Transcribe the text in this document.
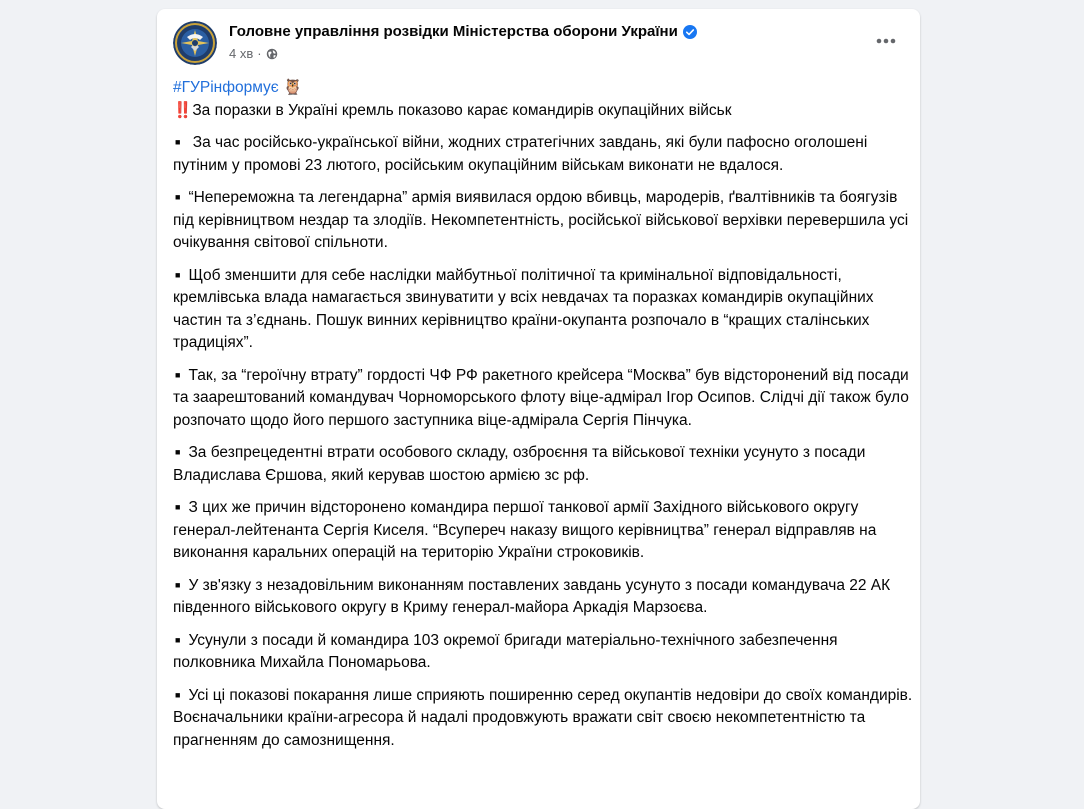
Головне управління розвідки Міністерства оборони України
4 хв ·

#ГУРінформує 🦉

‼️ За поразки в Україні кремль показово карає командирів окупаційних військ

■ За час російсько-української війни, жодних стратегічних завдань, які були пафосно оголошені путіним у промові 23 лютого, російським окупаційним військам виконати не вдалося.

■ “Непереможна та легендарна” армія виявилася ордою вбивць, мародерів, ґвалтівників та боягузів під керівництвом нездар та злодіїв. Некомпетентність, російської військової верхівки перевершила усі очікування світової спільноти.

■ Щоб зменшити для себе наслідки майбутньої політичної та кримінальної відповідальності, кремлівська влада намагається звинуватити у всіх невдачах та поразках командирів окупаційних частин та з’єднань. Пошук винних керівництво країни-окупанта розпочало в “кращих сталінських традиціях”.

■ Так, за “героїчну втрату” гордості ЧФ РФ ракетного крейсера “Москва” був відсторонений від посади та заарештований командувач Чорноморського флоту віце-адмірал Ігор Осипов. Слідчі дії також було розпочато щодо його першого заступника віце-адмірала Сергія Пінчука.

■ За безпрецедентні втрати особового складу, озброєння та військової техніки усунуто з посади Владислава Єршова, який керував шостою армією зс рф.

■ З цих же причин відсторонено командира першої танкової армії Західного військового округу генерал-лейтенанта Сергія Киселя. “Всупереч наказу вищого керівництва” генерал відправляв на виконання каральних операцій на територію України строковиків.

■ У зв'язку з незадовільним виконанням поставлених завдань усунуто з посади командувача 22 АК південного військового округу в Криму генерал-майора Аркадія Марзоєва.

■ Усунули з посади й командира 103 окремої бригади матеріально-технічного забезпечення полковника Михайла Пономарьова.

■ Усі ці показові покарання лише сприяють поширенню серед окупантів недовіри до своїх командирів. Воєначальники країни-агресора й надалі продовжують вражати світ своєю некомпетентністю та прагненням до самознищення.
